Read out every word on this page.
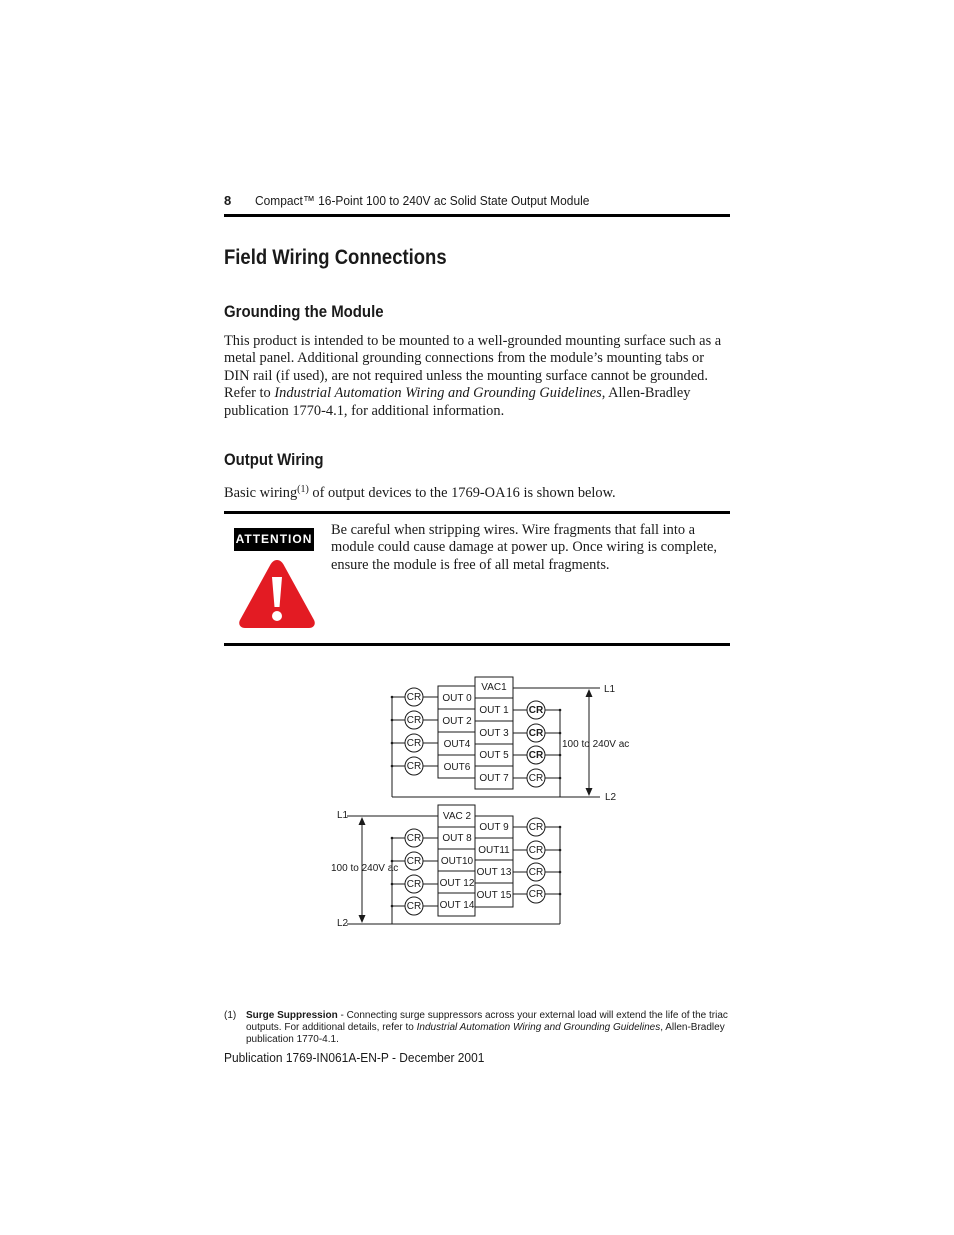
8 Compact™ 16-Point 100 to 240V ac Solid State Output Module
Field Wiring Connections
Grounding the Module
This product is intended to be mounted to a well-grounded mounting surface such as a metal panel. Additional grounding connections from the module’s mounting tabs or DIN rail (if used), are not required unless the mounting surface cannot be grounded. Refer to Industrial Automation Wiring and Grounding Guidelines, Allen-Bradley publication 1770-4.1, for additional information.
Output Wiring
Basic wiring$^{(1)}$ of output devices to the 1769-OA16 is shown below.
ATTENTION
Be careful when stripping wires. Wire fragments that fall into a module could cause damage at power up. Once wiring is complete, ensure the module is free of all metal fragments.
VAC1
OUT 0
OUT 2
OUT4
OUT6
OUT 1
OUT 3
OUT 5
OUT 7
L1
L2
100 to 240V ac
CR
CR
CR
CR
CR
CR
CR
CR
VAC 2
OUT 8
OUT10
OUT 12
OUT 14
OUT 9
OUT11
OUT 13
OUT 15
L1
L2
100 to 240V ac
CR
CR
CR
CR
CR
CR
CR
CR
(1) Surge Suppression - Connecting surge suppressors across your external load will extend the life of the triac outputs. For additional details, refer to Industrial Automation Wiring and Grounding Guidelines, Allen-Bradley publication 1770-4.1.
Publication 1769-IN061A-EN-P - December 2001
